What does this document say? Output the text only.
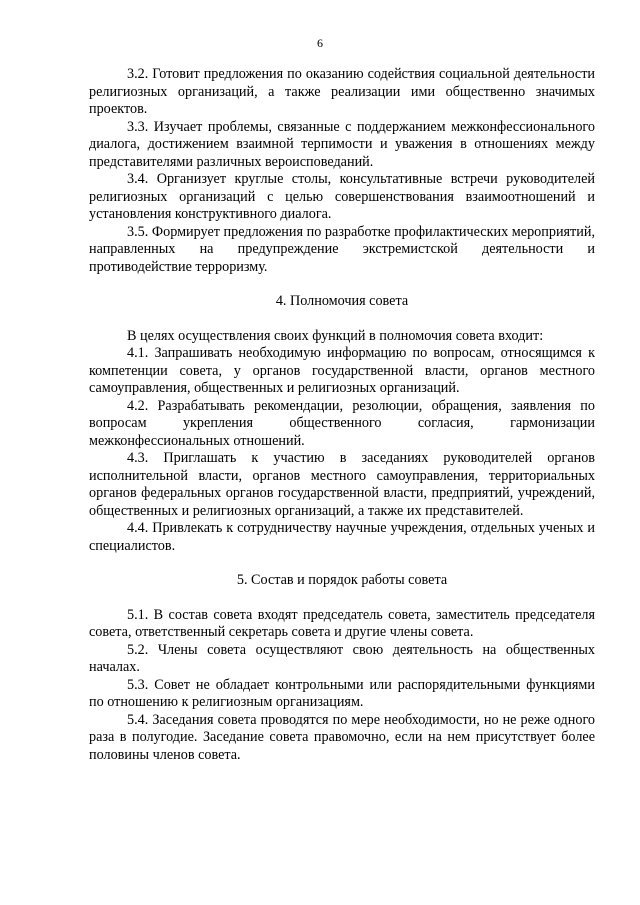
6

3.2. Готовит предложения по оказанию содействия социальной деятельности религиозных организаций, а также реализации ими общественно значимых проектов.

3.3. Изучает проблемы, связанные с поддержанием межконфессионального диалога, достижением взаимной терпимости и уважения в отношениях между представителями различных вероисповеданий.

3.4. Организует круглые столы, консультативные встречи руководителей религиозных организаций с целью совершенствования взаимоотношений и установления конструктивного диалога.

3.5. Формирует предложения по разработке профилактических мероприятий, направленных на предупреждение экстремистской деятельности и противодействие терроризму.

4. Полномочия совета

В целях осуществления своих функций в полномочия совета входит:

4.1. Запрашивать необходимую информацию по вопросам, относящимся к компетенции совета, у органов государственной власти, органов местного самоуправления, общественных и религиозных организаций.

4.2. Разрабатывать рекомендации, резолюции, обращения, заявления по вопросам укрепления общественного согласия, гармонизации межконфессиональных отношений.

4.3. Приглашать к участию в заседаниях руководителей органов исполнительной власти, органов местного самоуправления, территориальных органов федеральных органов государственной власти, предприятий, учреждений, общественных и религиозных организаций, а также их представителей.

4.4. Привлекать к сотрудничеству научные учреждения, отдельных ученых и специалистов.

5. Состав и порядок работы совета

5.1. В состав совета входят председатель совета, заместитель председателя совета, ответственный секретарь совета и другие члены совета.

5.2. Члены совета осуществляют свою деятельность на общественных началах.

5.3. Совет не обладает контрольными или распорядительными функциями по отношению к религиозным организациям.

5.4. Заседания совета проводятся по мере необходимости, но не реже одного раза в полугодие. Заседание совета правомочно, если на нем присутствует более половины членов совета.
